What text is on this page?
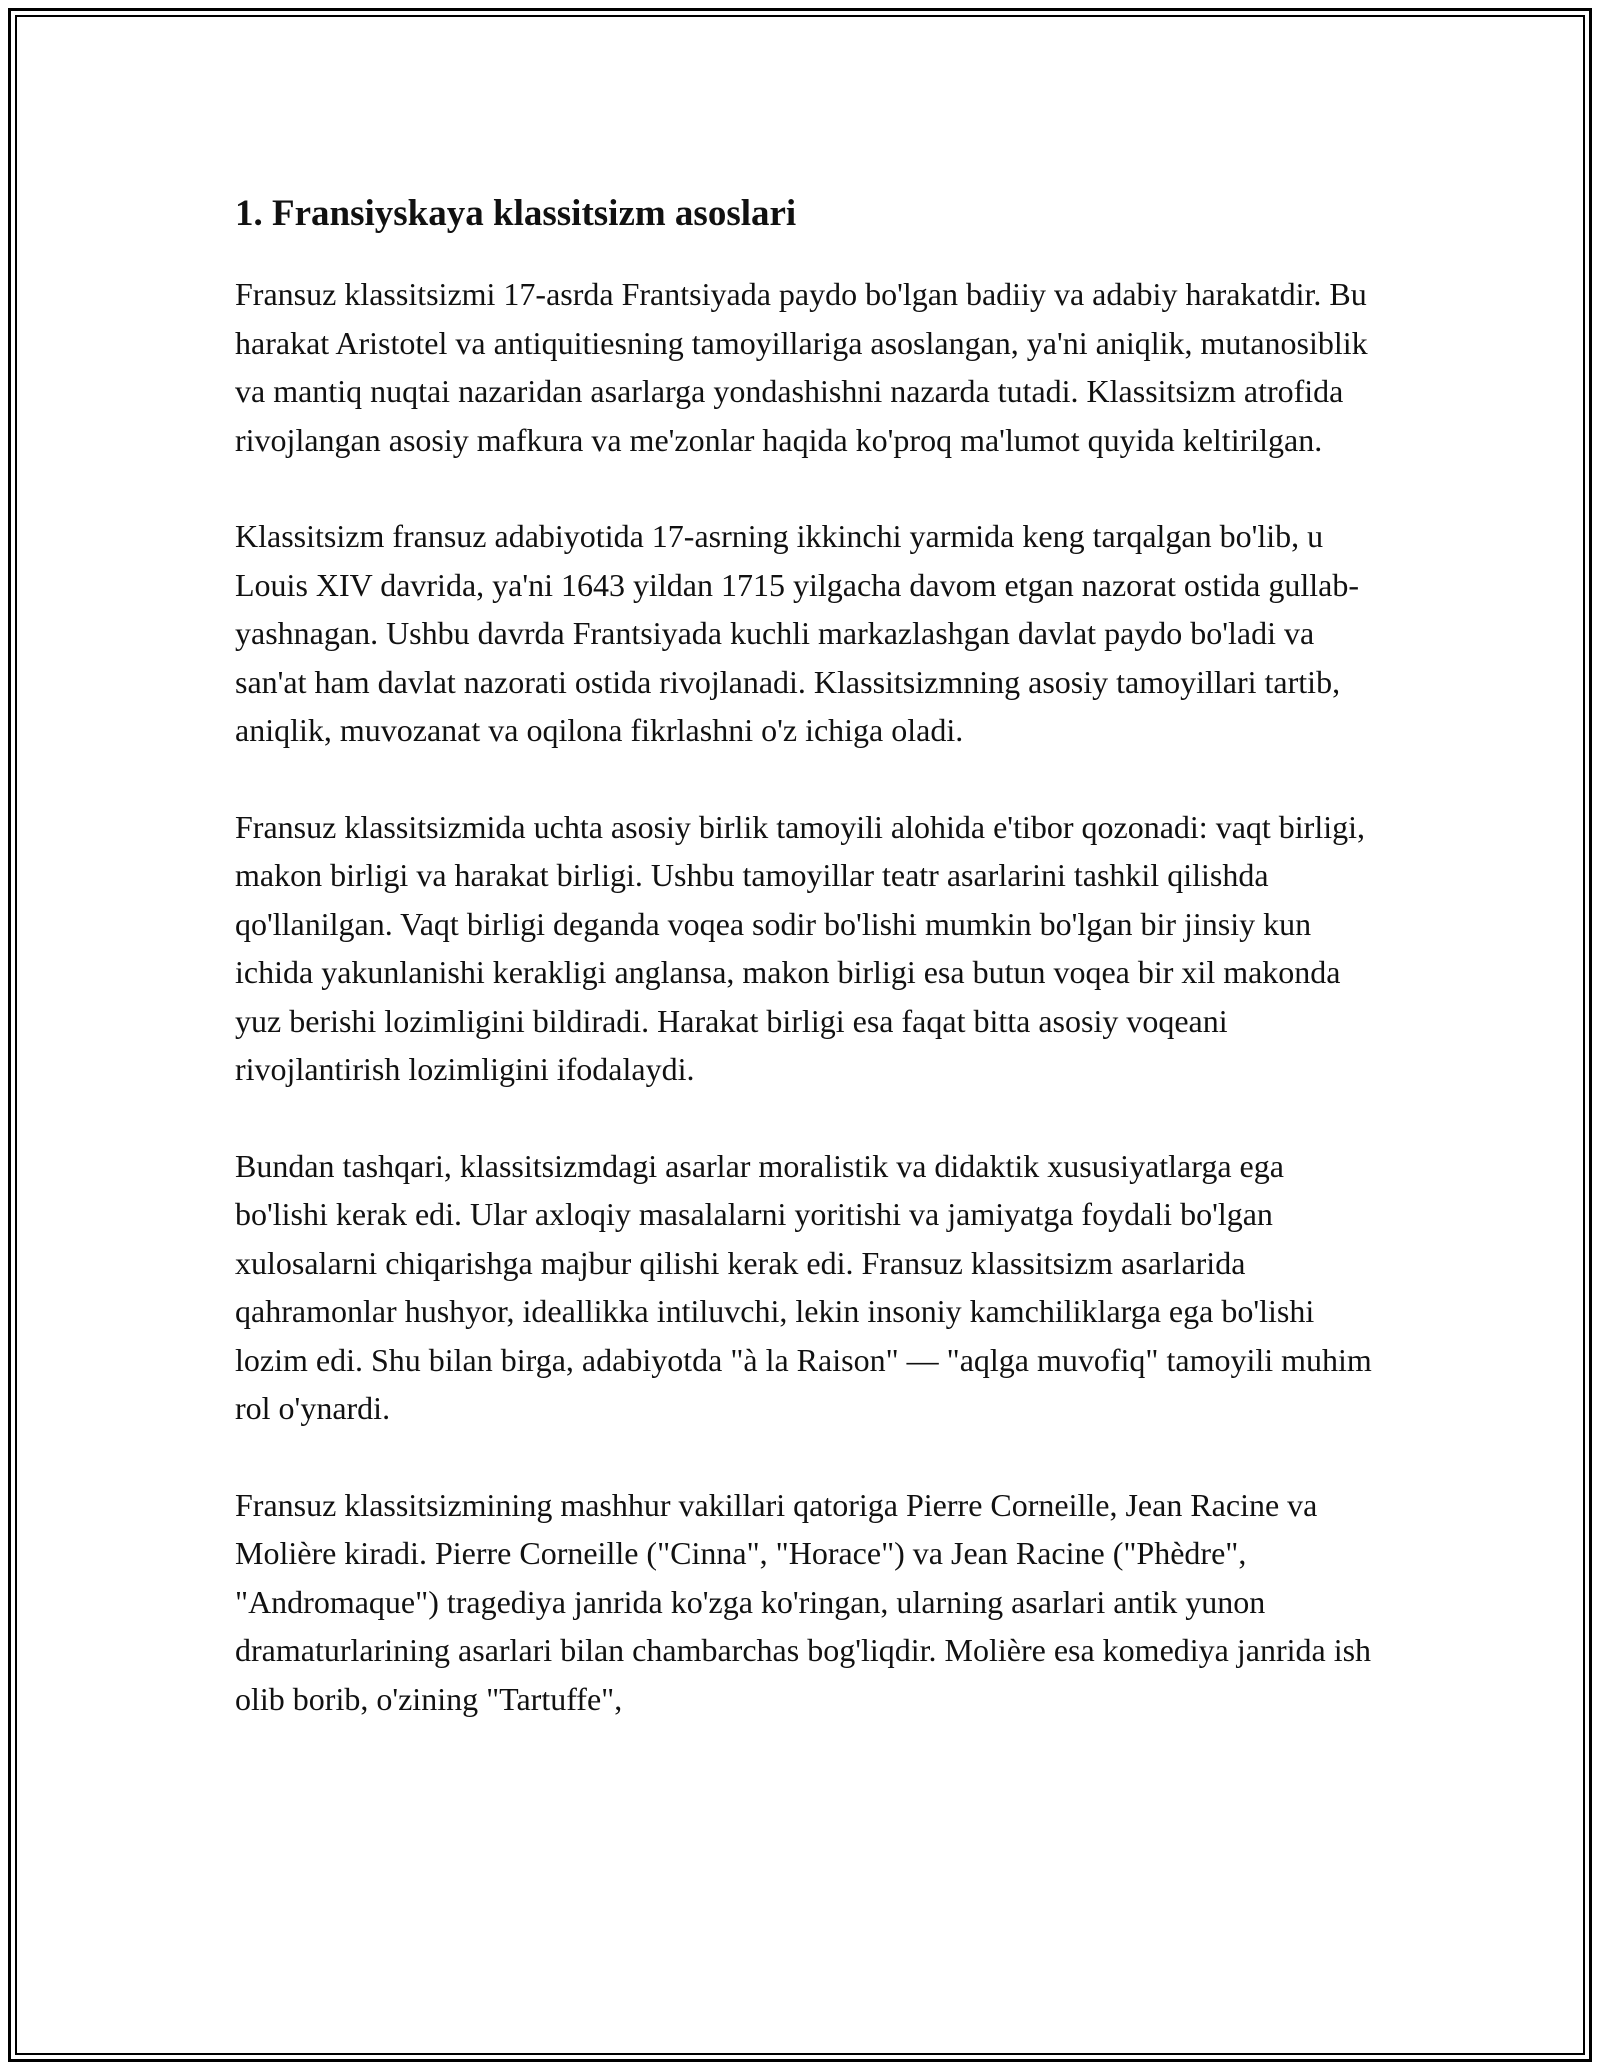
1. Fransiyskaya klassitsizm asoslari

Fransuz klassitsizmi 17-asrda Frantsiyada paydo bo'lgan badiiy va adabiy harakatdir. Bu harakat Aristotel va antiquitiesning tamoyillariga asoslangan, ya'ni aniqlik, mutanosiblik va mantiq nuqtai nazaridan asarlarga yondashishni nazarda tutadi. Klassitsizm atrofida rivojlangan asosiy mafkura va me'zonlar haqida ko'proq ma'lumot quyida keltirilgan.

Klassitsizm fransuz adabiyotida 17-asrning ikkinchi yarmida keng tarqalgan bo'lib, u Louis XIV davrida, ya'ni 1643 yildan 1715 yilgacha davom etgan nazorat ostida gullab-yashnagan. Ushbu davrda Frantsiyada kuchli markazlashgan davlat paydo bo'ladi va san'at ham davlat nazorati ostida rivojlanadi. Klassitsizmning asosiy tamoyillari tartib, aniqlik, muvozanat va oqilona fikrlashni o'z ichiga oladi.

Fransuz klassitsizmida uchta asosiy birlik tamoyili alohida e'tibor qozonadi: vaqt birligi, makon birligi va harakat birligi. Ushbu tamoyillar teatr asarlarini tashkil qilishda qo'llanilgan. Vaqt birligi deganda voqea sodir bo'lishi mumkin bo'lgan bir jinsiy kun ichida yakunlanishi kerakligi anglansa, makon birligi esa butun voqea bir xil makonda yuz berishi lozimligini bildiradi. Harakat birligi esa faqat bitta asosiy voqeani rivojlantirish lozimligini ifodalaydi.

Bundan tashqari, klassitsizmdagi asarlar moralistik va didaktik xususiyatlarga ega bo'lishi kerak edi. Ular axloqiy masalalarni yoritishi va jamiyatga foydali bo'lgan xulosalarni chiqarishga majbur qilishi kerak edi. Fransuz klassitsizm asarlarida qahramonlar hushyor, ideallikka intiluvchi, lekin insoniy kamchiliklarga ega bo'lishi lozim edi. Shu bilan birga, adabiyotda "à la Raison" — "aqlga muvofiq" tamoyili muhim rol o'ynardi.

Fransuz klassitsizmining mashhur vakillari qatoriga Pierre Corneille, Jean Racine va Molière kiradi. Pierre Corneille ("Cinna", "Horace") va Jean Racine ("Phèdre", "Andromaque") tragediya janrida ko'zga ko'ringan, ularning asarlari antik yunon dramaturlarining asarlari bilan chambarchas bog'liqdir. Molière esa komediya janrida ish olib borib, o'zining "Tartuffe",
